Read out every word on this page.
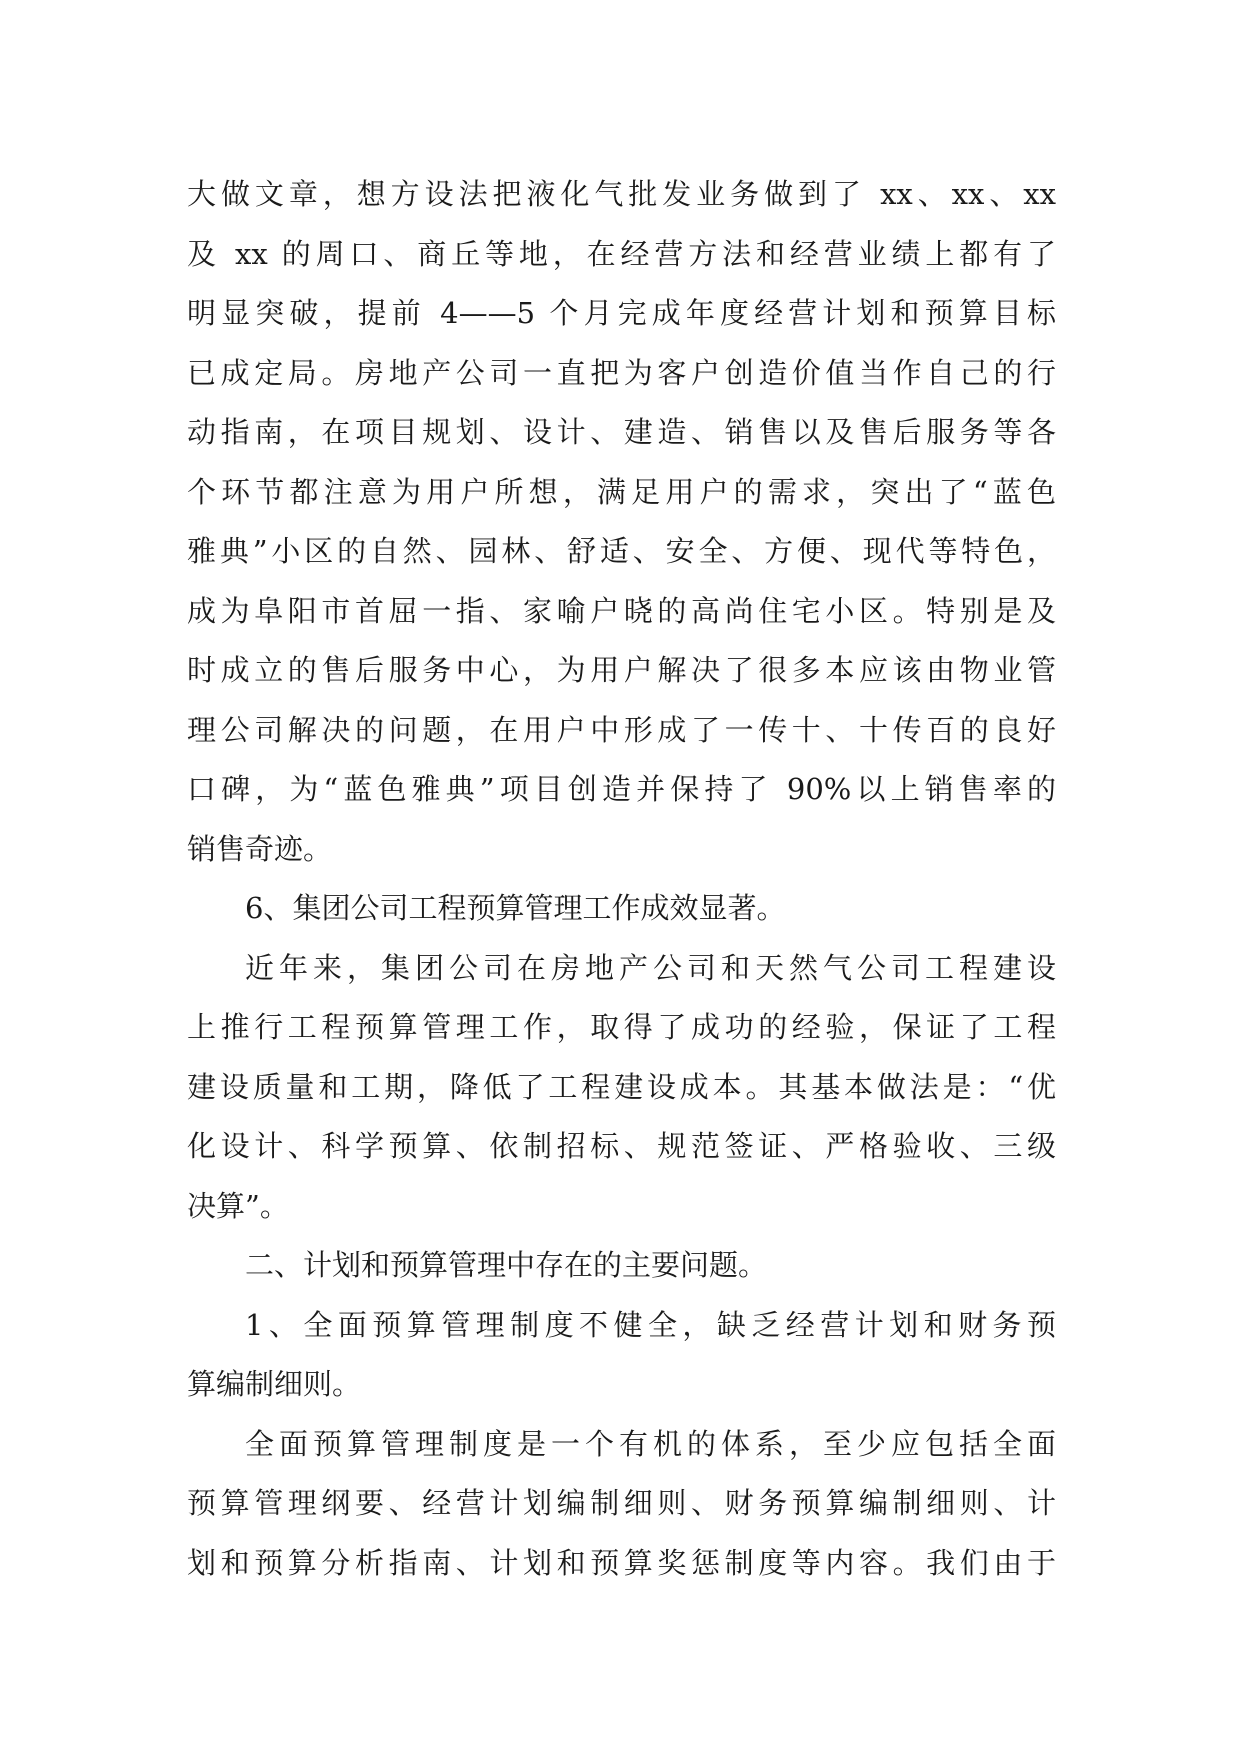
大做文章，想方设法把液化气批发业务做到了 xx、xx、xx
及 xx 的周口、商丘等地，在经营方法和经营业绩上都有了
明显突破，提前 4——5 个月完成年度经营计划和预算目标
已成定局。房地产公司一直把为客户创造价值当作自己的行
动指南，在项目规划、设计、建造、销售以及售后服务等各
个环节都注意为用户所想，满足用户的需求，突出了“蓝色
雅典”小区的自然、园林、舒适、安全、方便、现代等特色，
成为阜阳市首屈一指、家喻户晓的高尚住宅小区。特别是及
时成立的售后服务中心，为用户解决了很多本应该由物业管
理公司解决的问题，在用户中形成了一传十、十传百的良好
口碑，为“蓝色雅典”项目创造并保持了 90%以上销售率的
销售奇迹。
6、集团公司工程预算管理工作成效显著。
近年来，集团公司在房地产公司和天然气公司工程建设
上推行工程预算管理工作，取得了成功的经验，保证了工程
建设质量和工期，降低了工程建设成本。其基本做法是：“优
化设计、科学预算、依制招标、规范签证、严格验收、三级
决算”。
二、计划和预算管理中存在的主要问题。
1、全面预算管理制度不健全，缺乏经营计划和财务预
算编制细则。
全面预算管理制度是一个有机的体系，至少应包括全面
预算管理纲要、经营计划编制细则、财务预算编制细则、计
划和预算分析指南、计划和预算奖惩制度等内容。我们由于
